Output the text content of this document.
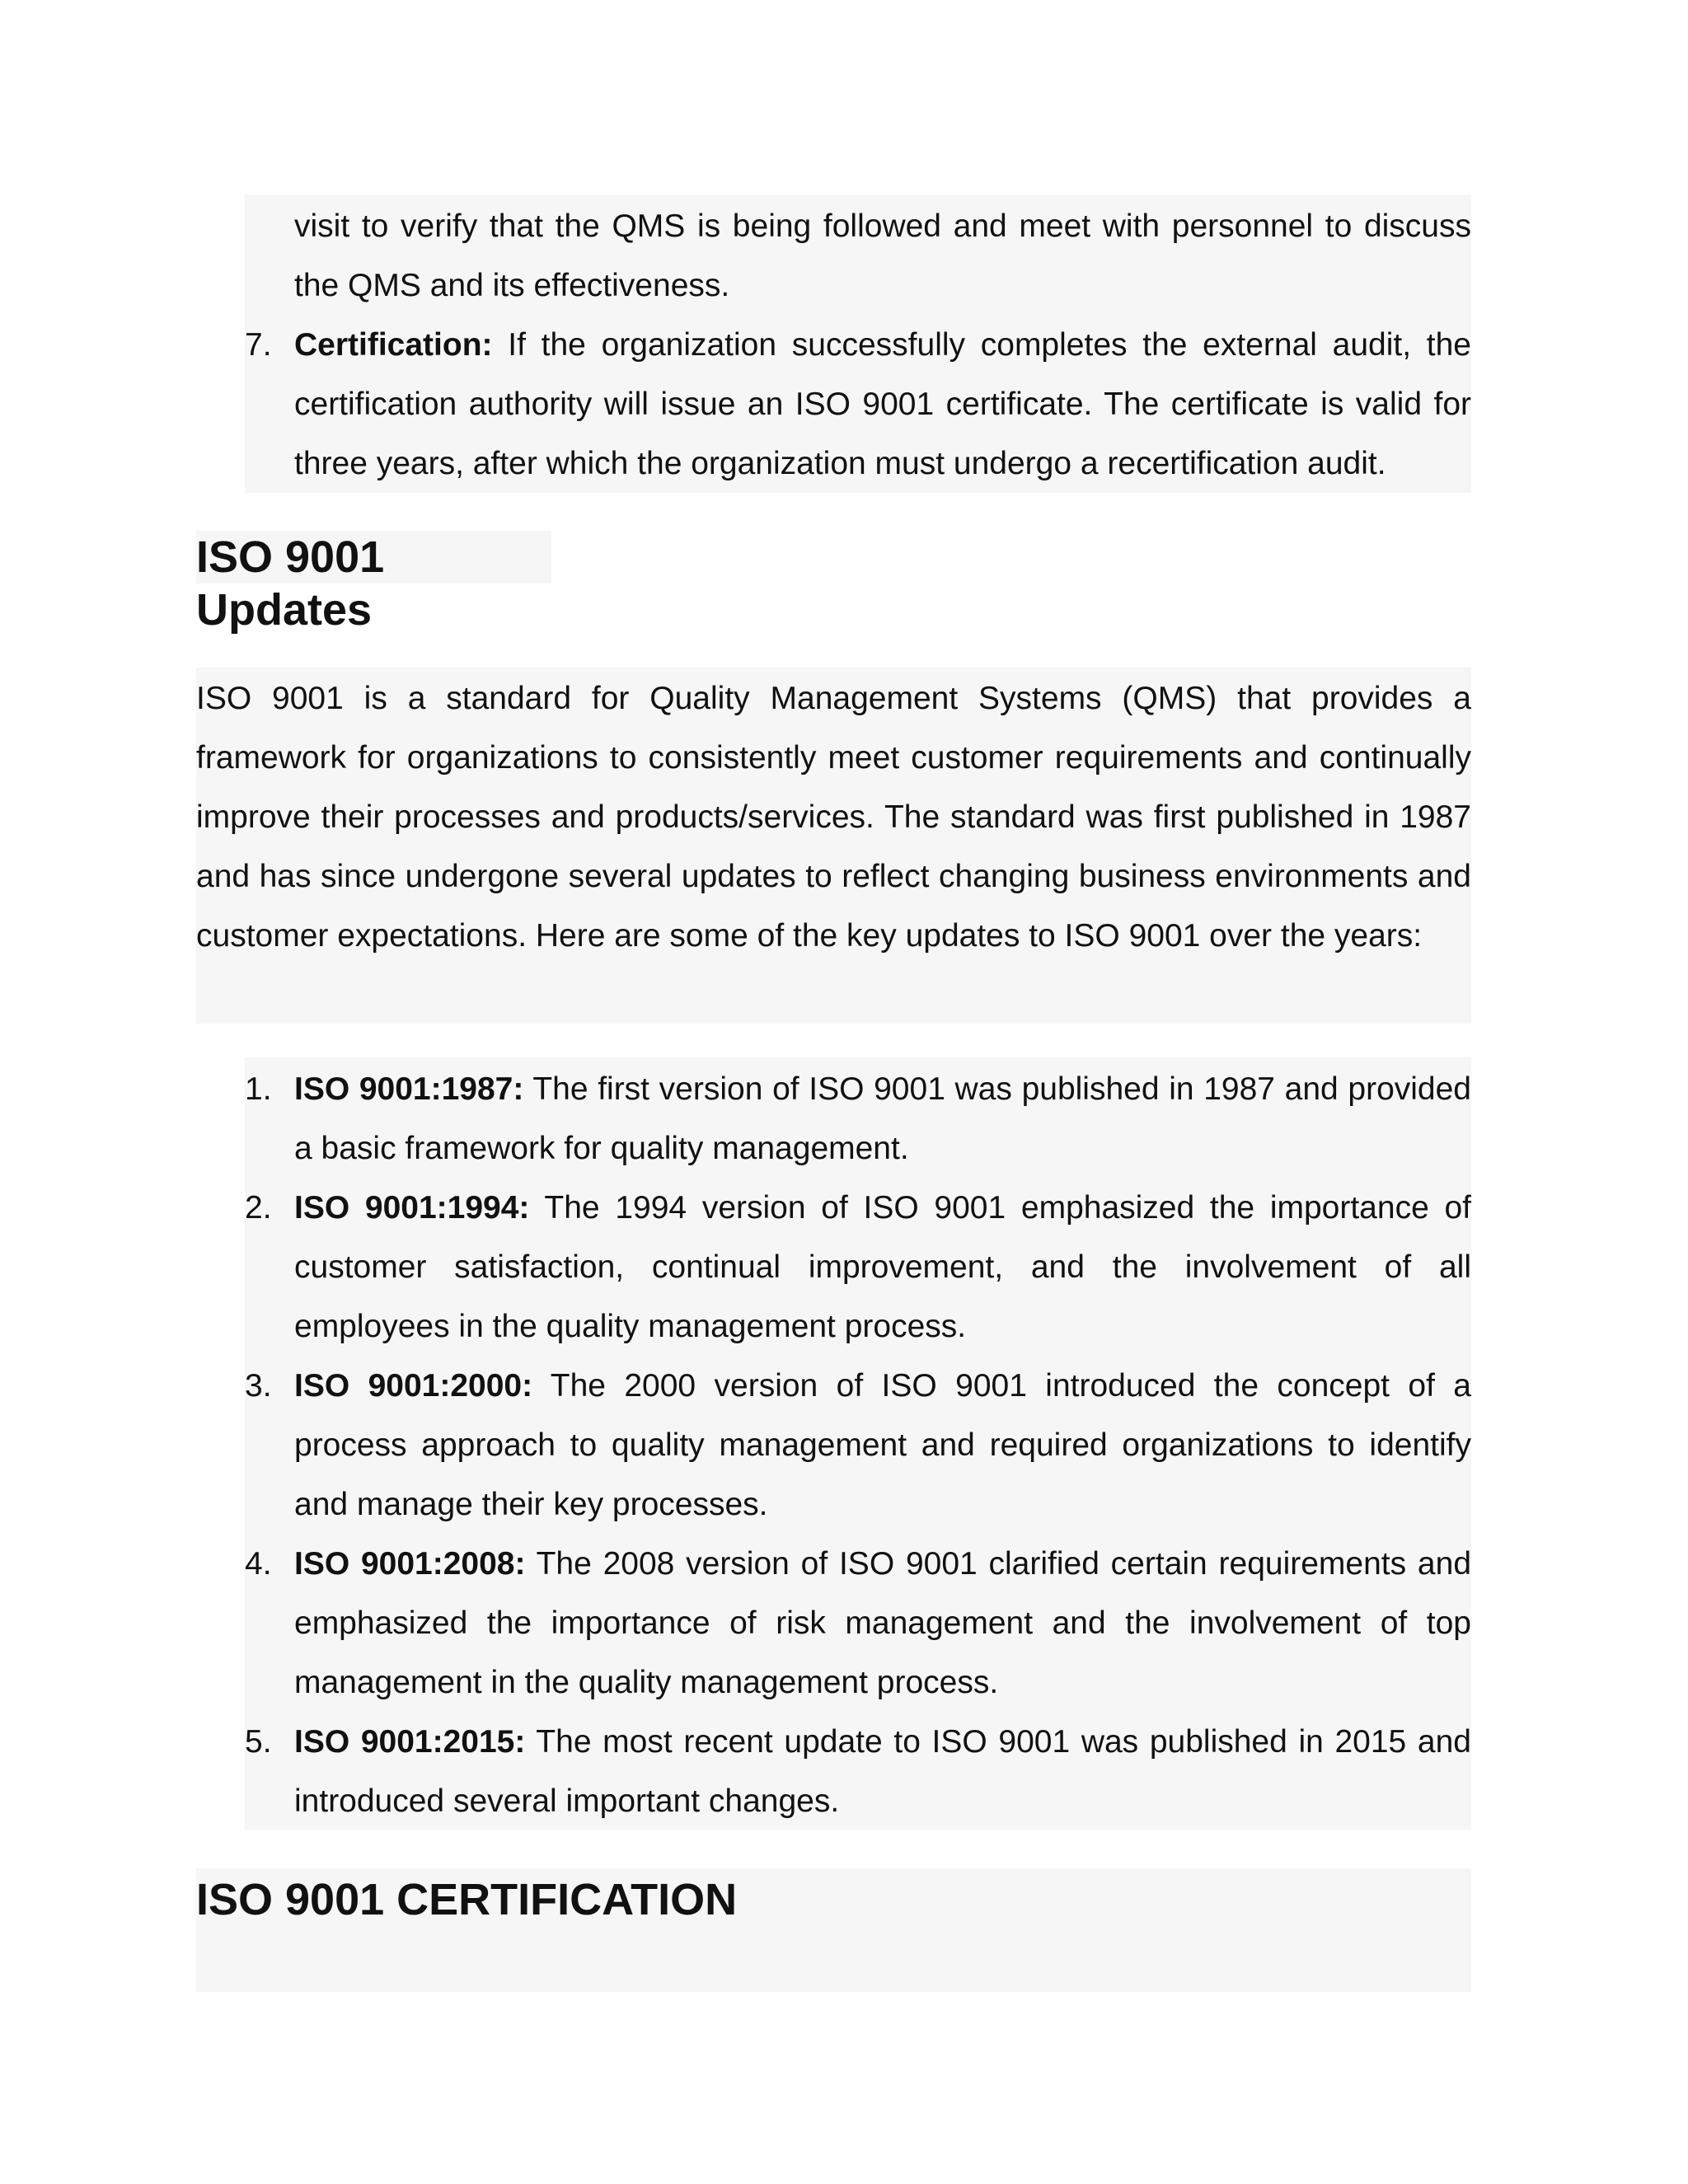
visit to verify that the QMS is being followed and meet with personnel to discuss the QMS and its effectiveness.

7. Certification: If the organization successfully completes the external audit, the certification authority will issue an ISO 9001 certificate. The certificate is valid for three years, after which the organization must undergo a recertification audit.
ISO 9001 Updates

ISO 9001 is a standard for Quality Management Systems (QMS) that provides a framework for organizations to consistently meet customer requirements and continually improve their processes and products/services. The standard was first published in 1987 and has since undergone several updates to reflect changing business environments and customer expectations. Here are some of the key updates to ISO 9001 over the years:

1. ISO 9001:1987: The first version of ISO 9001 was published in 1987 and provided a basic framework for quality management.
2. ISO 9001:1994: The 1994 version of ISO 9001 emphasized the importance of customer satisfaction, continual improvement, and the involvement of all employees in the quality management process.
3. ISO 9001:2000: The 2000 version of ISO 9001 introduced the concept of a process approach to quality management and required organizations to identify and manage their key processes.
4. ISO 9001:2008: The 2008 version of ISO 9001 clarified certain requirements and emphasized the importance of risk management and the involvement of top management in the quality management process.
5. ISO 9001:2015: The most recent update to ISO 9001 was published in 2015 and introduced several important changes.
ISO 9001 CERTIFICATION
